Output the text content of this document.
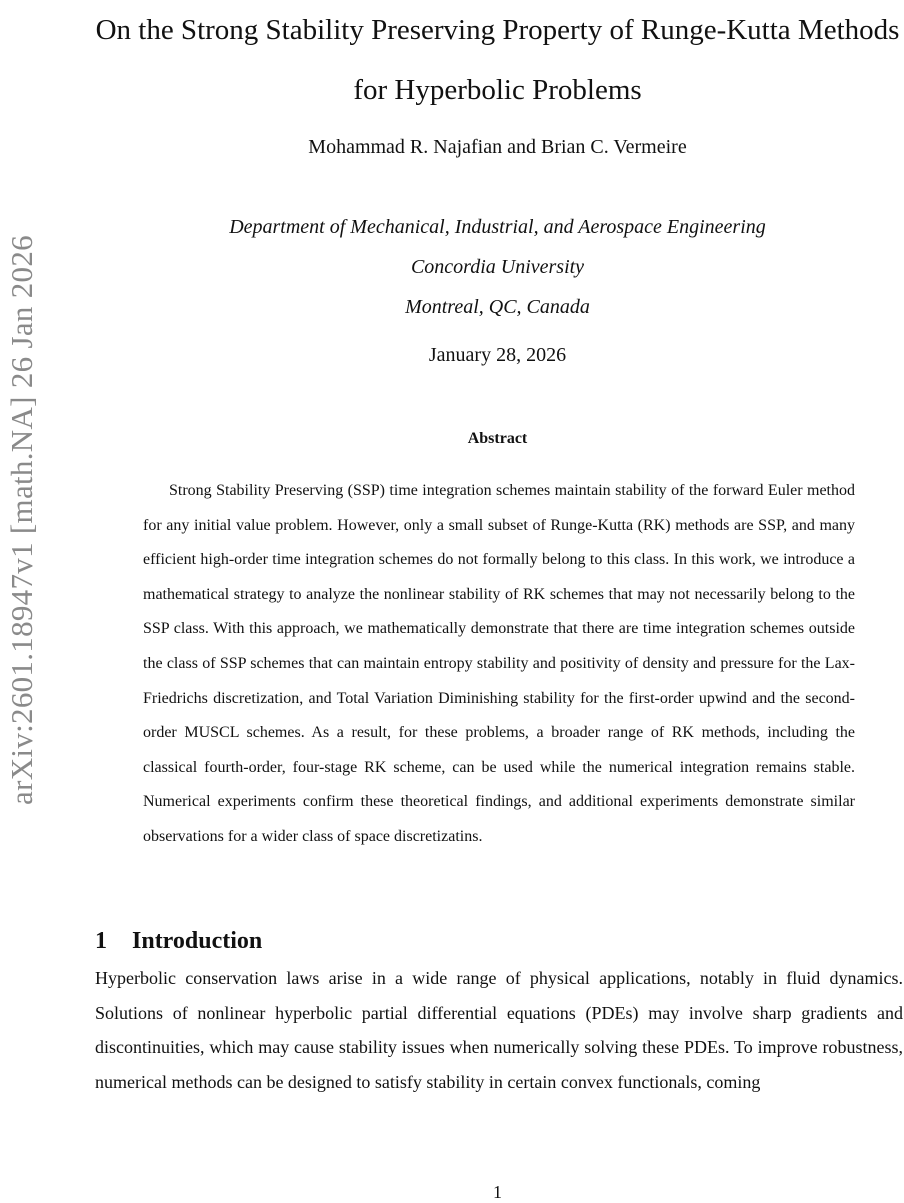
arXiv:2601.18947v1 [math.NA] 26 Jan 2026
On the Strong Stability Preserving Property of Runge-Kutta Methods for Hyperbolic Problems

Mohammad R. Najafian and Brian C. Vermeire

Department of Mechanical, Industrial, and Aerospace Engineering

Concordia University

Montreal, QC, Canada

January 28, 2026

Abstract

Strong Stability Preserving (SSP) time integration schemes maintain stability of the forward Euler method for any initial value problem. However, only a small subset of Runge-Kutta (RK) methods are SSP, and many efficient high-order time integration schemes do not formally belong to this class. In this work, we introduce a mathematical strategy to analyze the nonlinear stability of RK schemes that may not necessarily belong to the SSP class. With this approach, we mathematically demonstrate that there are time integration schemes outside the class of SSP schemes that can maintain entropy stability and positivity of density and pressure for the Lax-Friedrichs discretization, and Total Variation Diminishing stability for the first-order upwind and the second-order MUSCL schemes. As a result, for these problems, a broader range of RK methods, including the classical fourth-order, four-stage RK scheme, can be used while the numerical integration remains stable. Numerical experiments confirm these theoretical findings, and additional experiments demonstrate similar observations for a wider class of space discretizatins.

1 Introduction

Hyperbolic conservation laws arise in a wide range of physical applications, notably in fluid dynamics. Solutions of nonlinear hyperbolic partial differential equations (PDEs) may involve sharp gradients and discontinuities, which may cause stability issues when numerically solving these PDEs. To improve robustness, numerical methods can be designed to satisfy stability in certain convex functionals, coming

1
